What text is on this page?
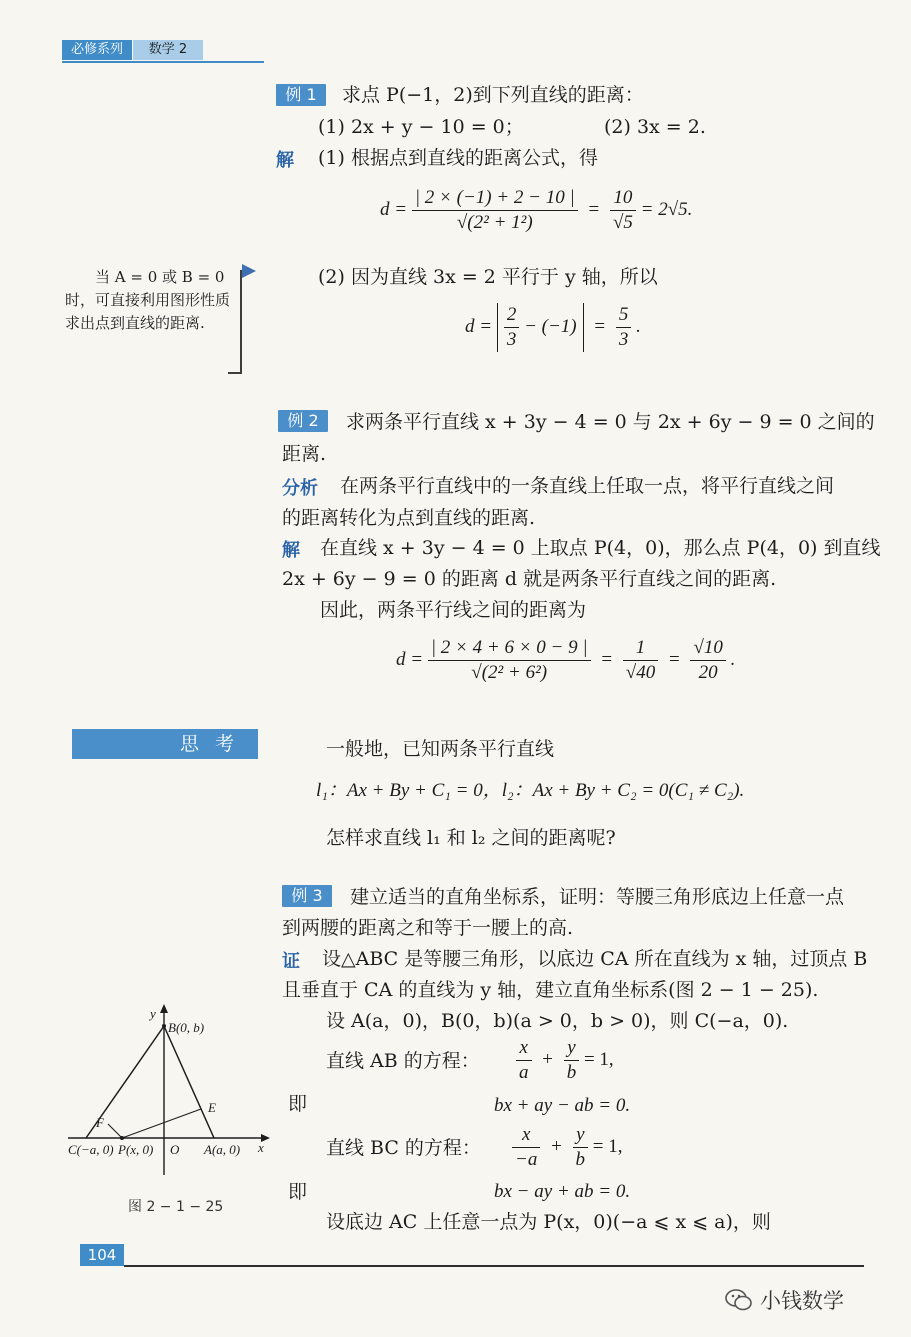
必修系列	数学 2
例 1	求点 P(−1，2)到下列直线的距离：
(1) 2x + y − 10 = 0；	(2) 3x = 2.
解 (1) 根据点到直线的距离公式，得
$d = \frac{| 2 \times (-1) + 2 - 10 |}{\text{√(2² + 1²)}} = \frac{10}{√5} = 2√5$.
(2) 因为直线 3x = 2 平行于 y 轴，所以
$d = \frac{2}{3} - (-1) = \frac{5}{3}$ .
当 A = 0 或 B = 0 时，可直接利用图形性质求出点到直线的距离.
例 2	求两条平行直线 x + 3y − 4 = 0 与 2x + 6y − 9 = 0 之间的
距离.
分析 在两条平行直线中的一条直线上任取一点，将平行直线之间
的距离转化为点到直线的距离.
解 在直线 x + 3y − 4 = 0 上取点 P(4，0)，那么点 P(4，0) 到直线
2x + 6y − 9 = 0 的距离 d 就是两条平行直线之间的距离.
因此，两条平行线之间的距离为
$d = \frac{| 2 \times 4 + 6 \times 0 - 9 |}{\text{√(2² + 6²)}} = \frac{1}{√40} = \frac{√10}{20}$ .
思考	一般地，已知两条平行直线
l₁：Ax + By + C₁ = 0，l₂：Ax + By + C₂ = 0(C₁ ≠ C₂).
怎样求直线 l₁ 和 l₂ 之间的距离呢?
例 3	建立适当的直角坐标系，证明：等腰三角形底边上任意一点
到两腰的距离之和等于一腰上的高.
证 设△ABC 是等腰三角形，以底边 CA 所在直线为 x 轴，过顶点 B
且垂直于 CA 的直线为 y 轴，建立直角坐标系(图 2 − 1 − 25).
设 A(a，0)，B(0，b)(a > 0，b > 0)，则 C(−a，0).
直线 AB 的方程： $\frac{x}{a} + \frac{y}{b} = 1$,
即	bx + ay − ab = 0.
直线 BC 的方程： $\frac{x}{-a} + \frac{y}{b} = 1$,
即	bx − ay + ab = 0.
设底边 AC 上任意一点为 P(x，0)(−a ⩽ x ⩽ a)，则
y
x
B(0, b)
F
E
C(−a, 0) P(x, 0) O A(a, 0)
图 2 − 1 − 25
104
小钱数学
